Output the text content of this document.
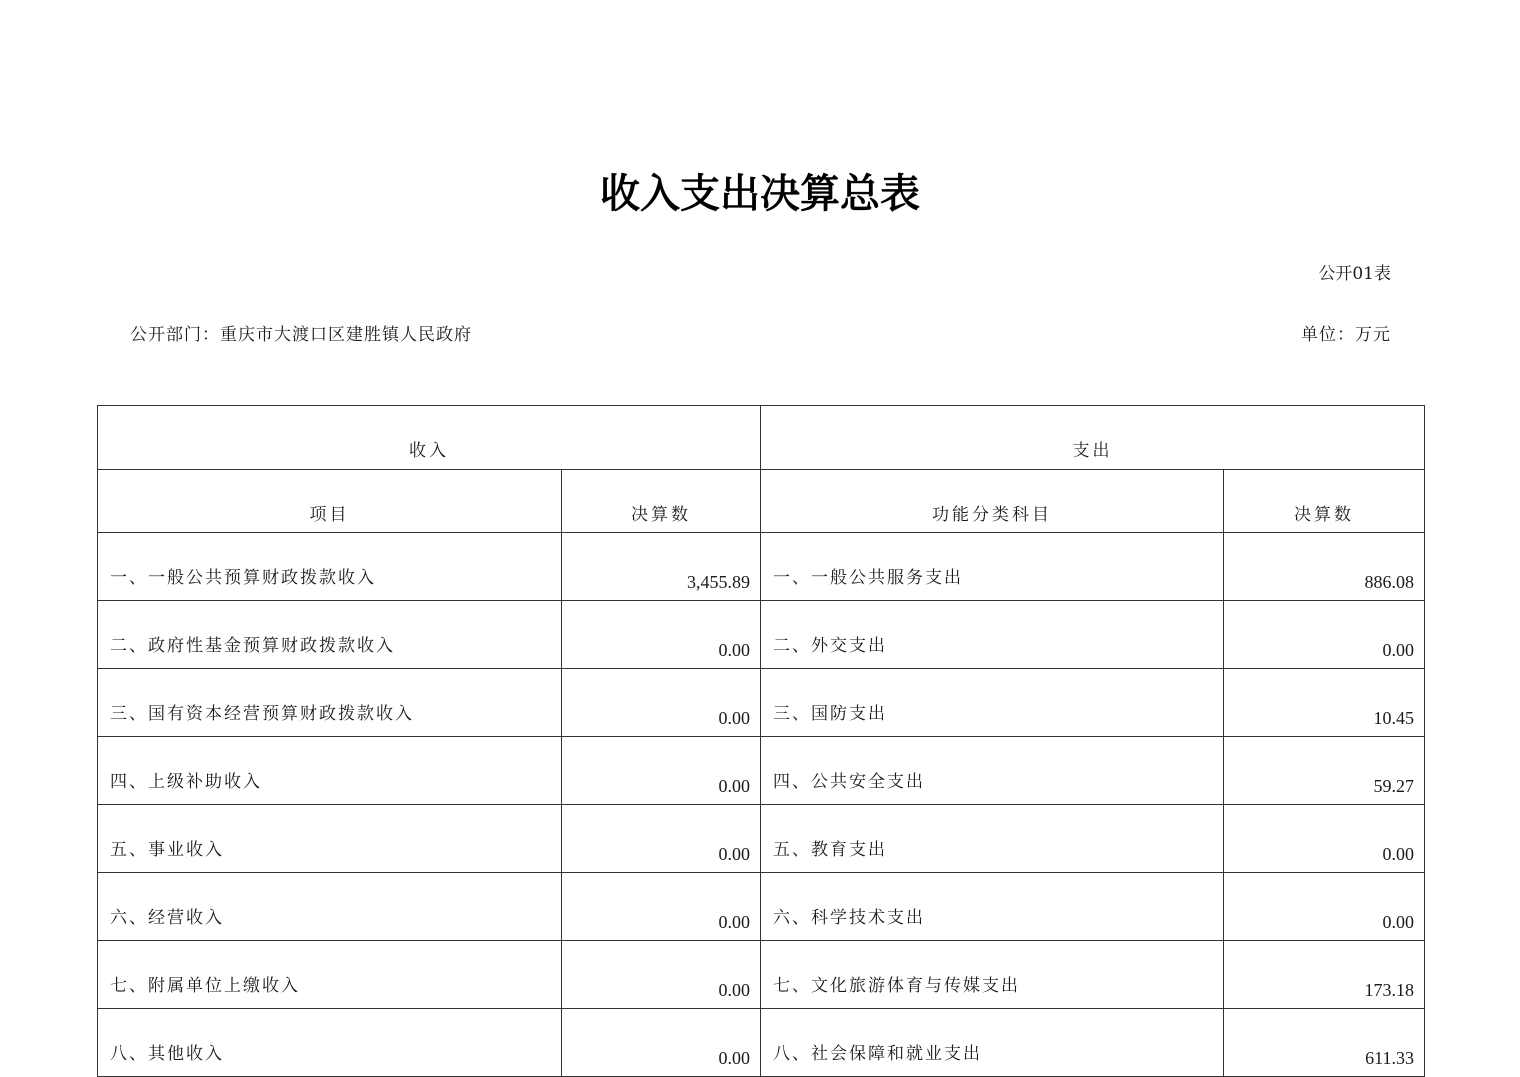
收入支出决算总表
公开01表
公开部门：重庆市大渡口区建胜镇人民政府	单位：万元
收入		支出	
项目	决算数	功能分类科目	决算数
一、一般公共预算财政拨款收入	3,455.89	一、一般公共服务支出	886.08
二、政府性基金预算财政拨款收入	0.00	二、外交支出	0.00
三、国有资本经营预算财政拨款收入	0.00	三、国防支出	10.45
四、上级补助收入	0.00	四、公共安全支出	59.27
五、事业收入	0.00	五、教育支出	0.00
六、经营收入	0.00	六、科学技术支出	0.00
七、附属单位上缴收入	0.00	七、文化旅游体育与传媒支出	173.18
八、其他收入	0.00	八、社会保障和就业支出	611.33
